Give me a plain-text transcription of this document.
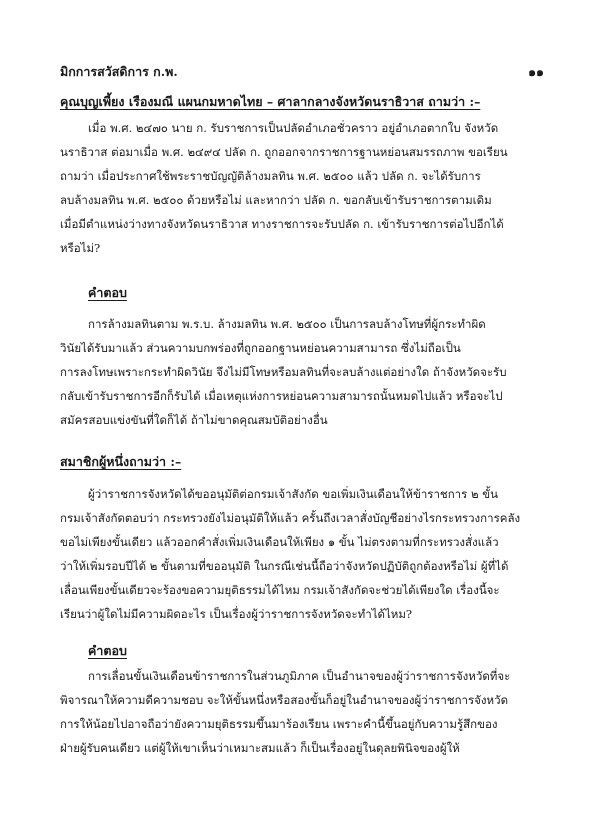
มิกการสวัสดิการ ก.พ.	๑๑
คุณบุญเพี้ยง เรืองมณี แผนกมหาดไทย – ศาลากลางจังหวัดนราธิวาส ถามว่า :–
เมื่อ พ.ศ. ๒๔๗๐ นาย ก. รับราชการเป็นปลัดอำเภอชั่วคราว อยู่อำเภอตากใบ จังหวัด
นราธิวาส ต่อมาเมื่อ พ.ศ. ๒๔๙๔ ปลัด ก. ถูกออกจากราชการฐานหย่อนสมรรถภาพ ขอเรียน
ถามว่า เมื่อประกาศใช้พระราชบัญญัติล้างมลทิน พ.ศ. ๒๕๐๐ แล้ว ปลัด ก. จะได้รับการ
ลบล้างมลทิน พ.ศ. ๒๕๐๐ ด้วยหรือไม่ และหากว่า ปลัด ก. ขอกลับเข้ารับราชการตามเดิม
เมื่อมีตำแหน่งว่างทางจังหวัดนราธิวาส ทางราชการจะรับปลัด ก. เข้ารับราชการต่อไปอีกได้
หรือไม่?
คำตอบ
การล้างมลทินตาม พ.ร.บ. ล้างมลทิน พ.ศ. ๒๕๐๐ เป็นการลบล้างโทษที่ผู้กระทำผิด
วินัยได้รับมาแล้ว ส่วนความบกพร่องที่ถูกออกฐานหย่อนความสามารถ ซึ่งไม่ถือเป็น
การลงโทษเพราะกระทำผิดวินัย จึงไม่มีโทษหรือมลทินที่จะลบล้างแต่อย่างใด ถ้าจังหวัดจะรับ
กลับเข้ารับราชการอีกก็รับได้ เมื่อเหตุแห่งการหย่อนความสามารถนั้นหมดไปแล้ว หรือจะไป
สมัครสอบแข่งขันที่ใดก็ได้ ถ้าไม่ขาดคุณสมบัติอย่างอื่น
สมาชิกผู้หนึ่งถามว่า :–
ผู้ว่าราชการจังหวัดได้ขออนุมัติต่อกรมเจ้าสังกัด ขอเพิ่มเงินเดือนให้ข้าราชการ ๒ ขั้น
กรมเจ้าสังกัดตอบว่า กระทรวงยังไม่อนุมัติให้แล้ว ครั้นถึงเวลาสั่งบัญชีอย่างไรกระทรวงการคลัง
ขอไม่เพียงขั้นเดียว แล้วออกคำสั่งเพิ่มเงินเดือนให้เพียง ๑ ขั้น ไม่ตรงตามที่กระทรวงสั่งแล้ว
ว่าให้เพิ่มรอบปีได้ ๒ ขั้นตามที่ขออนุมัติ ในกรณีเช่นนี้ถือว่าจังหวัดปฏิบัติถูกต้องหรือไม่ ผู้ที่ได้
เลื่อนเพียงขั้นเดียวจะร้องขอความยุติธรรมได้ไหม กรมเจ้าสังกัดจะช่วยได้เพียงใด เรื่องนี้จะ
เรียนว่าผู้ใดไม่มีความผิดอะไร เป็นเรื่องผู้ว่าราชการจังหวัดจะทำได้ไหม?
คำตอบ
การเลื่อนขั้นเงินเดือนข้าราชการในส่วนภูมิภาค เป็นอำนาจของผู้ว่าราชการจังหวัดที่จะ
พิจารณาให้ความดีความชอบ จะให้ขั้นหนึ่งหรือสองขั้นก็อยู่ในอำนาจของผู้ว่าราชการจังหวัด
การให้น้อยไปอาจถือว่ายังความยุติธรรมขึ้นมาร้องเรียน เพราะคำนี้ขึ้นอยู่กับความรู้สึกของ
ฝ่ายผู้รับคนเดียว แต่ผู้ให้เขาเห็นว่าเหมาะสมแล้ว ก็เป็นเรื่องอยู่ในดุลยพินิจของผู้ให้
